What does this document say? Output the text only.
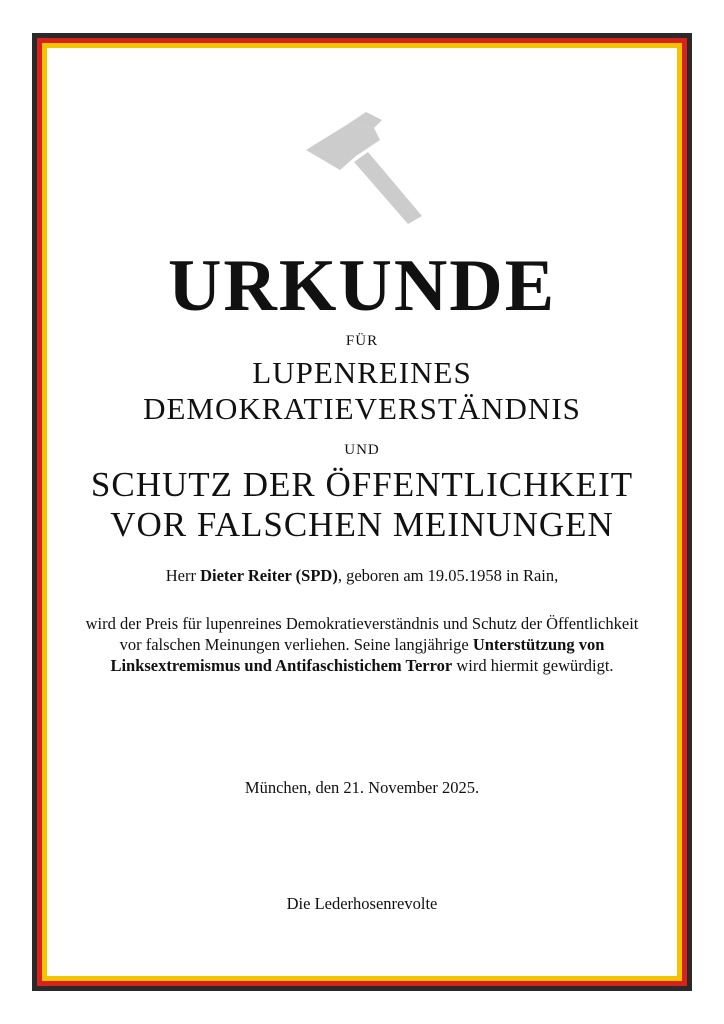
URKUNDE
FÜR
LUPENREINES
DEMOKRATIEVERSTÄNDNIS
UND
SCHUTZ DER ÖFFENTLICHKEIT
VOR FALSCHEN MEINUNGEN
Herr Dieter Reiter (SPD), geboren am 19.05.1958 in Rain,
wird der Preis für lupenreines Demokratieverständnis und Schutz der Öffentlichkeit vor falschen Meinungen verliehen. Seine langjährige Unterstützung von Linksextremismus und Antifaschistichem Terror wird hiermit gewürdigt.
München, den 21. November 2025.
Die Lederhosenrevolte
